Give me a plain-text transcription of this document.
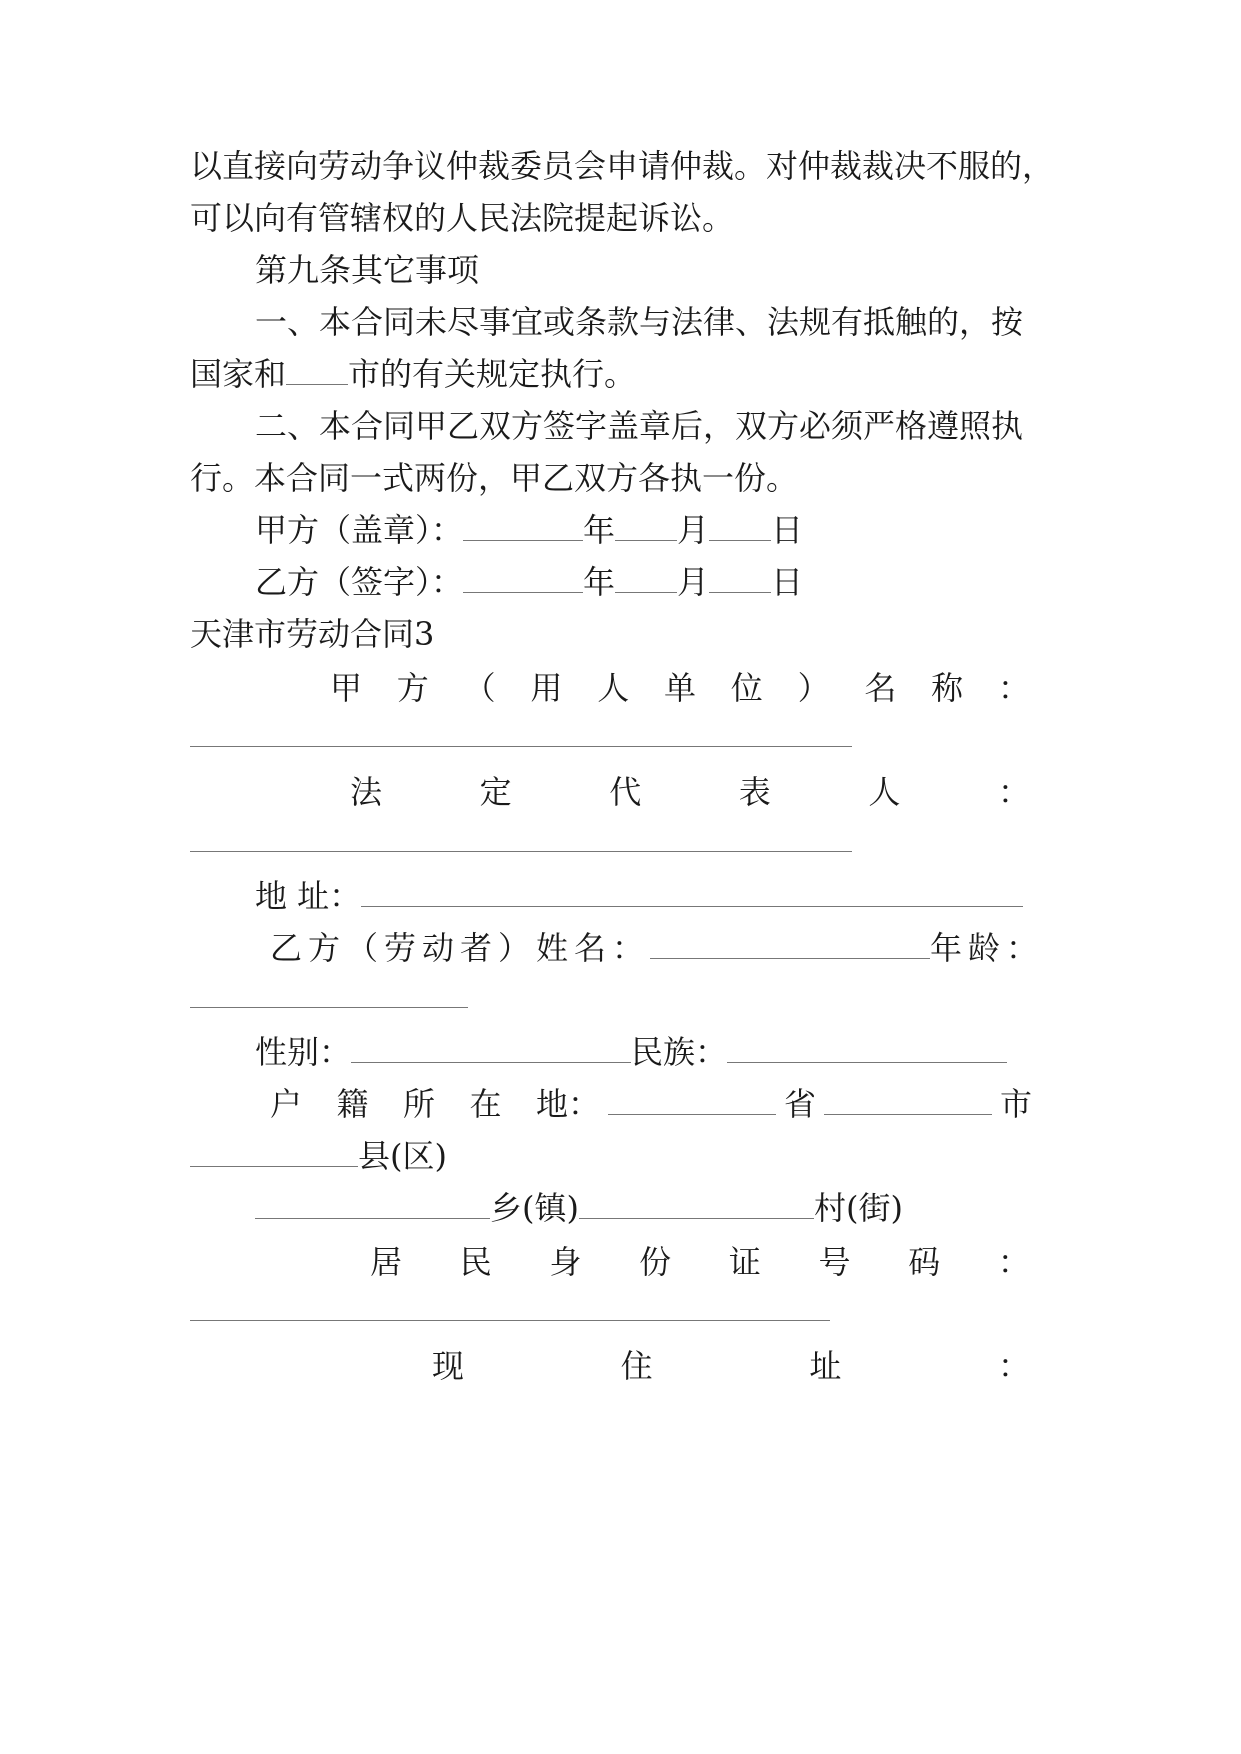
以直接向劳动争议仲裁委员会申请仲裁。对仲裁裁决不服的，
可以向有管辖权的人民法院提起诉讼。
第九条其它事项
一、本合同未尽事宜或条款与法律、法规有抵触的，按
国家和 市的有关规定执行。
二、本合同甲乙双方签字盖章后，双方必须严格遵照执
行。本合同一式两份，甲乙双方各执一份。
甲方（盖章）：	年 月 日
乙方（签字）：	年 月 日
天津市劳动合同3
甲 方 （ 用 人 单 位 ） 名 称 ：
法	定	代	表	人	：
地 址：
乙方（劳动者）姓名：	年龄：
性别：	民族：
户 籍 所 在 地：	省	市
县(区)
乡(镇)	村(街)
居 民 身 份 证 号 码 ：
现	住	址	：
